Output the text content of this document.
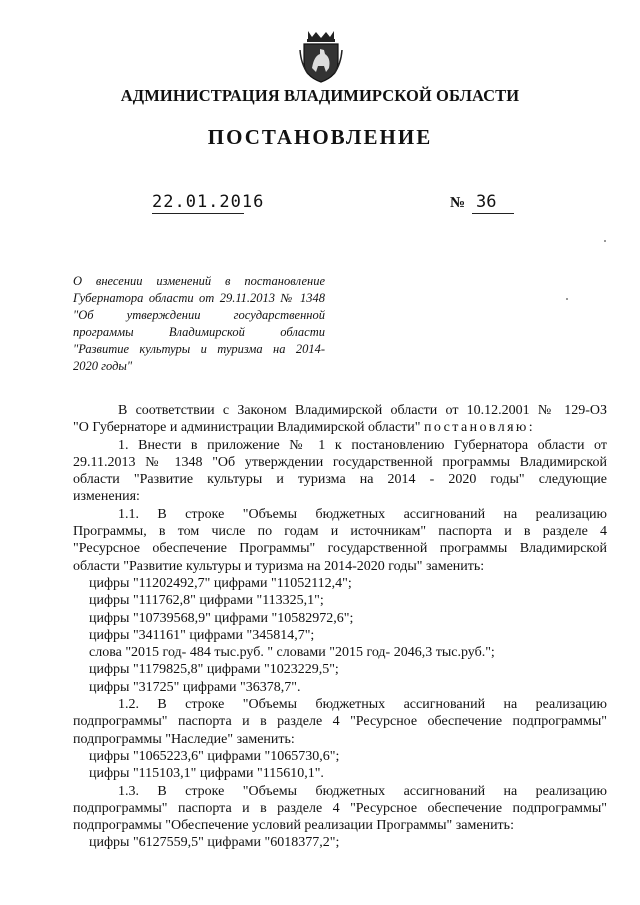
АДМИНИСТРАЦИЯ ВЛАДИМИРСКОЙ ОБЛАСТИ
ПОСТАНОВЛЕНИЕ
22.01.2016	№ 36
О внесении изменений в постановление
Губернатора области от 29.11.2013 № 1348
"Об утверждении государственной
программы Владимирской области
"Развитие культуры и туризма на 2014-
2020 годы"
В соответствии с Законом Владимирской области от 10.12.2001 № 129-ОЗ
"О Губернаторе и администрации Владимирской области" постановляю:
1. Внести в приложение № 1 к постановлению Губернатора области от
29.11.2013 № 1348 "Об утверждении государственной программы Владимирской
области "Развитие культуры и туризма на 2014 - 2020 годы" следующие
изменения:
1.1. В строке "Объемы бюджетных ассигнований на реализацию
Программы, в том числе по годам и источникам" паспорта и в разделе 4
"Ресурсное обеспечение Программы" государственной программы Владимирской
области "Развитие культуры и туризма на 2014-2020 годы" заменить:
цифры "11202492,7" цифрами "11052112,4";
цифры "111762,8" цифрами "113325,1";
цифры "10739568,9" цифрами "10582972,6";
цифры "341161" цифрами "345814,7";
слова "2015 год- 484 тыс.руб. " словами "2015 год- 2046,3 тыс.руб.";
цифры "1179825,8" цифрами "1023229,5";
цифры "31725" цифрами "36378,7".
1.2. В строке "Объемы бюджетных ассигнований на реализацию
подпрограммы" паспорта и в разделе 4 "Ресурсное обеспечение подпрограммы"
подпрограммы "Наследие" заменить:
цифры "1065223,6" цифрами "1065730,6";
цифры "115103,1" цифрами "115610,1".
1.3. В строке "Объемы бюджетных ассигнований на реализацию
подпрограммы" паспорта и в разделе 4 "Ресурсное обеспечение подпрограммы"
подпрограммы "Обеспечение условий реализации Программы" заменить:
цифры "6127559,5" цифрами "6018377,2";
